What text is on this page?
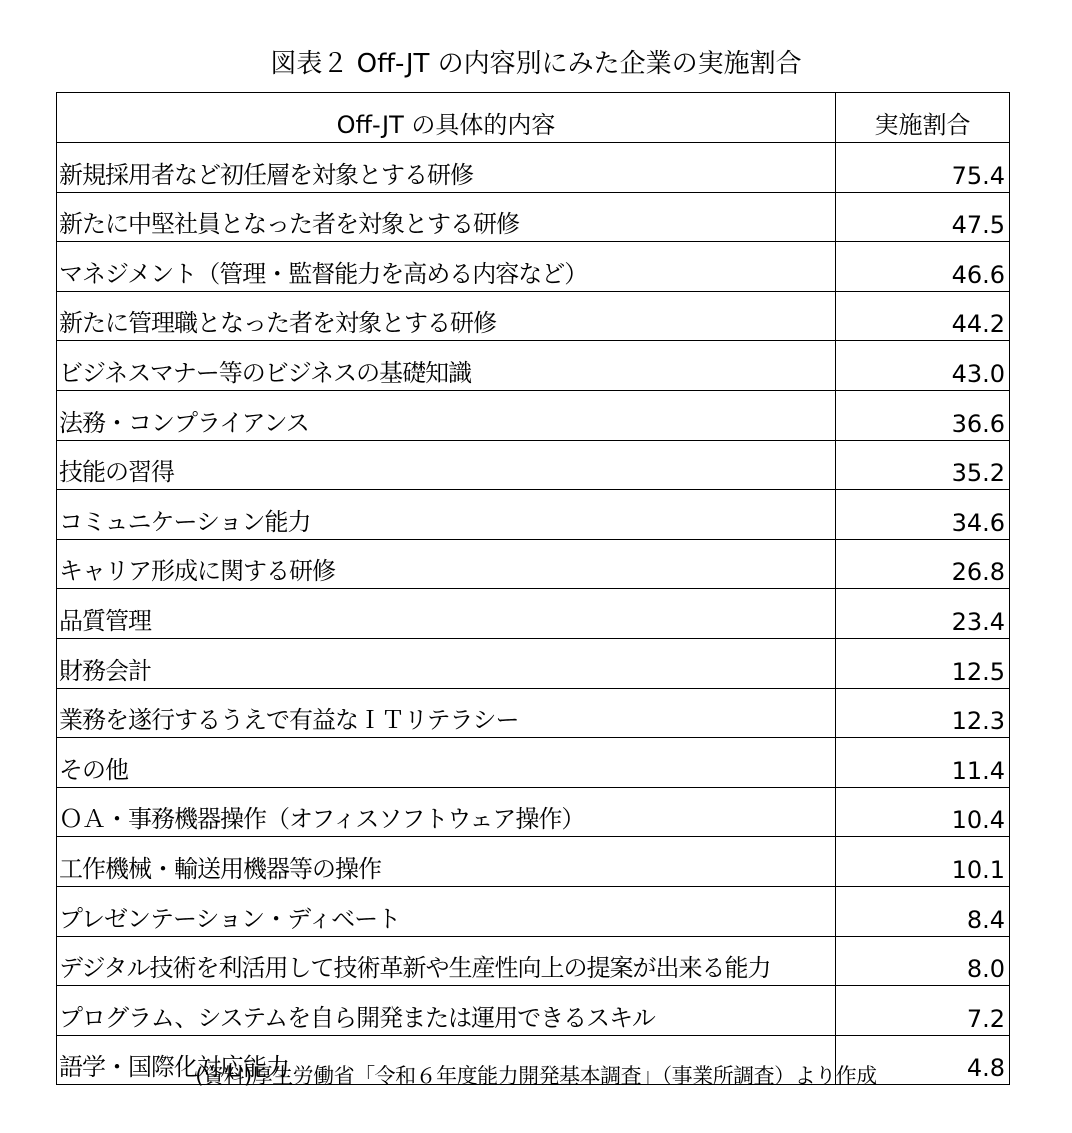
図表２ Off-JT の内容別にみた企業の実施割合
Off-JT の具体的内容	実施割合
新規採用者など初任層を対象とする研修	75.4
新たに中堅社員となった者を対象とする研修	47.5
マネジメント（管理・監督能力を高める内容など）	46.6
新たに管理職となった者を対象とする研修	44.2
ビジネスマナー等のビジネスの基礎知識	43.0
法務・コンプライアンス	36.6
技能の習得	35.2
コミュニケーション能力	34.6
キャリア形成に関する研修	26.8
品質管理	23.4
財務会計	12.5
業務を遂行するうえで有益なＩＴリテラシー	12.3
その他	11.4
ＯＡ・事務機器操作（オフィスソフトウェア操作）	10.4
工作機械・輸送用機器等の操作	10.1
プレゼンテーション・ディベート	8.4
デジタル技術を利活用して技術革新や生産性向上の提案が出来る能力	8.0
プログラム、システムを自ら開発または運用できるスキル	7.2
語学・国際化対応能力	4.8
(資料)厚生労働省「令和６年度能力開発基本調査」（事業所調査）より作成
